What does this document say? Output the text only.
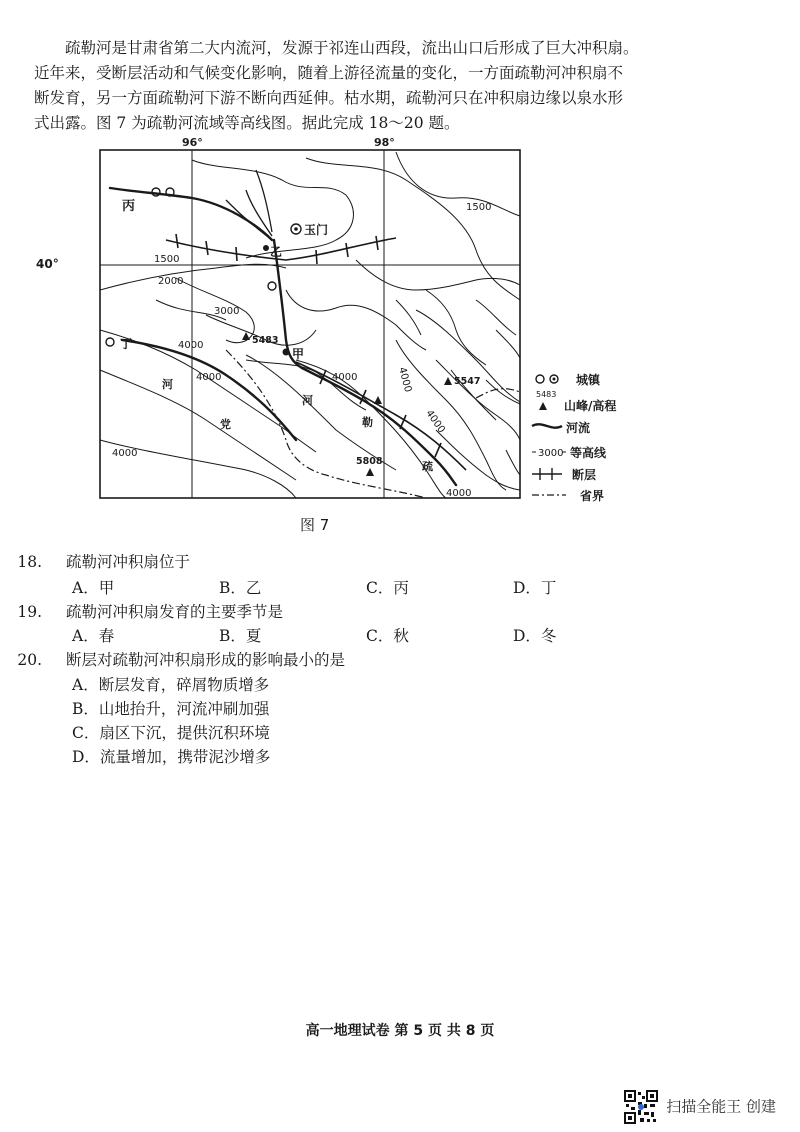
疏勒河是甘肃省第二大内流河，发源于祁连山西段，流出山口后形成了巨大冲积扇。

近年来，受断层活动和气候变化影响，随着上游径流量的变化，一方面疏勒河冲积扇不

断发育，另一方面疏勒河下游不断向西延伸。枯水期，疏勒河只在冲积扇边缘以泉水形

式出露。图 7 为疏勒河流域等高线图。据此完成 18～20 题。

96°	98°
40°
丙
玉门
乙
甲
丁
1500
1500
2000
3000
4000
4000
4000
4000	4000
4000
4000
5483
5547
5808
河
党
河
勒
疏
城镇
5483
山峰/高程
河流
3000 等高线
断层
省界
图 7
18. 疏勒河冲积扇位于
A．甲	B．乙	C．丙	D．丁
19. 疏勒河冲积扇发育的主要季节是
A．春	B．夏	C．秋	D．冬
20. 断层对疏勒河冲积扇形成的影响最小的是
A．断层发育，碎屑物质增多
B．山地抬升，河流冲刷加强
C．扇区下沉，提供沉积环境
D．流量增加，携带泥沙增多
高一地理试卷 第 5 页 共 8 页
扫描全能王 创建
